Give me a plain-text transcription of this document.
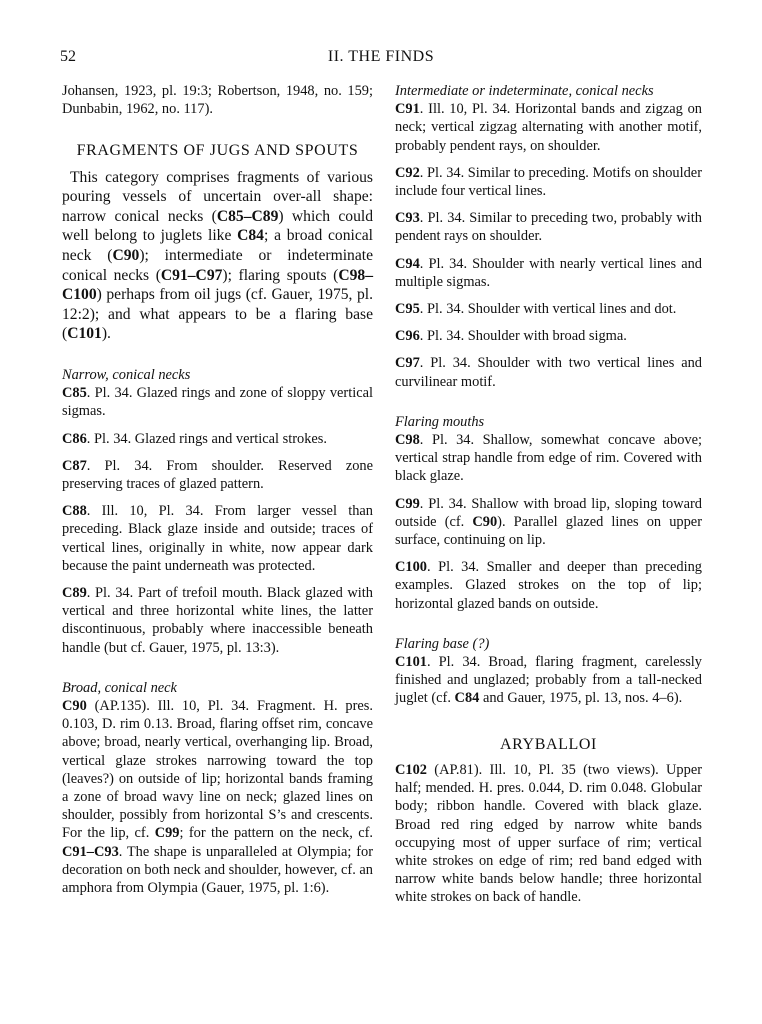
52	II. THE FINDS

Johansen, 1923, pl. 19:3; Robertson, 1948, no. 159; Dunbabin, 1962, no. 117).

FRAGMENTS OF JUGS AND SPOUTS

This category comprises fragments of various pouring vessels of uncertain over-all shape: narrow conical necks (C85–C89) which could well belong to juglets like C84; a broad conical neck (C90); intermediate or indeterminate conical necks (C91–C97); flaring spouts (C98–C100) perhaps from oil jugs (cf. Gauer, 1975, pl. 12:2); and what appears to be a flaring base (C101).

Narrow, conical necks

C85. Pl. 34. Glazed rings and zone of sloppy vertical sigmas.

C86. Pl. 34. Glazed rings and vertical strokes.

C87. Pl. 34. From shoulder. Reserved zone preserving traces of glazed pattern.

C88. Ill. 10, Pl. 34. From larger vessel than preceding. Black glaze inside and outside; traces of vertical lines, originally in white, now appear dark because the paint underneath was protected.

C89. Pl. 34. Part of trefoil mouth. Black glazed with vertical and three horizontal white lines, the latter discontinuous, probably where inaccessible beneath handle (but cf. Gauer, 1975, pl. 13:3).

Broad, conical neck

C90 (AP.135). Ill. 10, Pl. 34. Fragment. H. pres. 0.103, D. rim 0.13. Broad, flaring offset rim, concave above; broad, nearly vertical, overhanging lip. Broad, vertical glaze strokes narrowing toward the top (leaves?) on outside of lip; horizontal bands framing a zone of broad wavy line on neck; glazed lines on shoulder, possibly from horizontal S’s and crescents. For the lip, cf. C99; for the pattern on the neck, cf. C91–C93. The shape is unparalleled at Olympia; for decoration on both neck and shoulder, however, cf. an amphora from Olympia (Gauer, 1975, pl. 1:6).

Intermediate or indeterminate, conical necks

C91. Ill. 10, Pl. 34. Horizontal bands and zigzag on neck; vertical zigzag alternating with another motif, probably pendent rays, on shoulder.

C92. Pl. 34. Similar to preceding. Motifs on shoulder include four vertical lines.

C93. Pl. 34. Similar to preceding two, probably with pendent rays on shoulder.

C94. Pl. 34. Shoulder with nearly vertical lines and multiple sigmas.

C95. Pl. 34. Shoulder with vertical lines and dot.

C96. Pl. 34. Shoulder with broad sigma.

C97. Pl. 34. Shoulder with two vertical lines and curvilinear motif.

Flaring mouths

C98. Pl. 34. Shallow, somewhat concave above; vertical strap handle from edge of rim. Covered with black glaze.

C99. Pl. 34. Shallow with broad lip, sloping toward outside (cf. C90). Parallel glazed lines on upper surface, continuing on lip.

C100. Pl. 34. Smaller and deeper than preceding examples. Glazed strokes on the top of lip; horizontal glazed bands on outside.

Flaring base (?)

C101. Pl. 34. Broad, flaring fragment, carelessly finished and unglazed; probably from a tall-necked juglet (cf. C84 and Gauer, 1975, pl. 13, nos. 4–6).

ARYBALLOI

C102 (AP.81). Ill. 10, Pl. 35 (two views). Upper half; mended. H. pres. 0.044, D. rim 0.048. Globular body; ribbon handle. Covered with black glaze. Broad red ring edged by narrow white bands occupying most of upper surface of rim; vertical white strokes on edge of rim; red band edged with narrow white bands below handle; three horizontal white strokes on back of handle.
